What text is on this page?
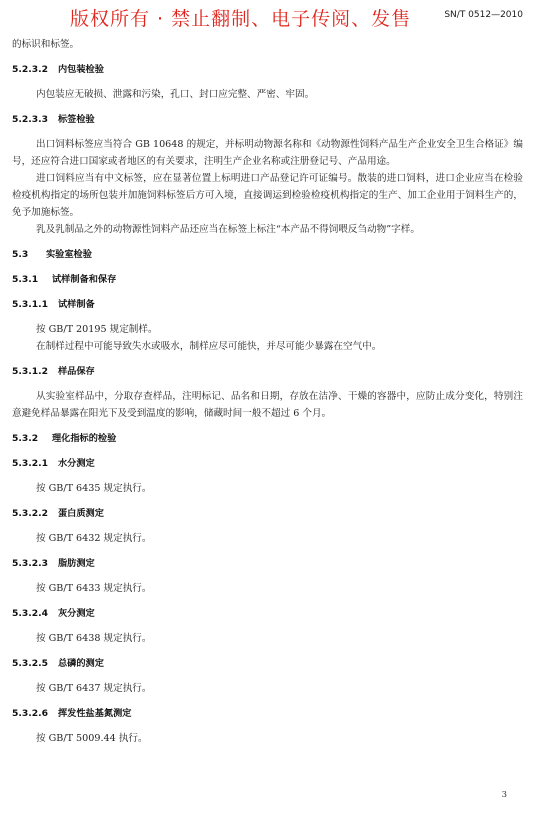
版权所有 · 禁止翻制、电子传阅、发售	SN/T 0512—2010
的标识和标签。
5.2.3.2 内包装检验
内包装应无破损、泄露和污染，孔口、封口应完整、严密、牢固。
5.2.3.3 标签检验
出口饲料标签应当符合 GB 10648 的规定，并标明动物源名称和《动物源性饲料产品生产企业安全卫生合格证》编号，还应符合进口国家或者地区的有关要求，注明生产企业名称或注册登记号、产品用途。
进口饲料应当有中文标签，应在显著位置上标明进口产品登记许可证编号。散装的进口饲料，进口企业应当在检验检疫机构指定的场所包装并加施饲料标签后方可入境，直接调运到检验检疫机构指定的生产、加工企业用于饲料生产的，免予加施标签。
乳及乳制品之外的动物源性饲料产品还应当在标签上标注“本产品不得饲喂反刍动物”字样。
5.3 实验室检验
5.3.1 试样制备和保存
5.3.1.1 试样制备
按 GB/T 20195 规定制样。
在制样过程中可能导致失水或吸水，制样应尽可能快，并尽可能少暴露在空气中。
5.3.1.2 样品保存
从实验室样品中，分取存查样品，注明标记、品名和日期，存放在洁净、干燥的容器中，应防止成分变化，特别注意避免样品暴露在阳光下及受到温度的影响，储藏时间一般不超过 6 个月。
5.3.2 理化指标的检验
5.3.2.1 水分测定
按 GB/T 6435 规定执行。
5.3.2.2 蛋白质测定
按 GB/T 6432 规定执行。
5.3.2.3 脂肪测定
按 GB/T 6433 规定执行。
5.3.2.4 灰分测定
按 GB/T 6438 规定执行。
5.3.2.5 总磷的测定
按 GB/T 6437 规定执行。
5.3.2.6 挥发性盐基氮测定
按 GB/T 5009.44 执行。
3
